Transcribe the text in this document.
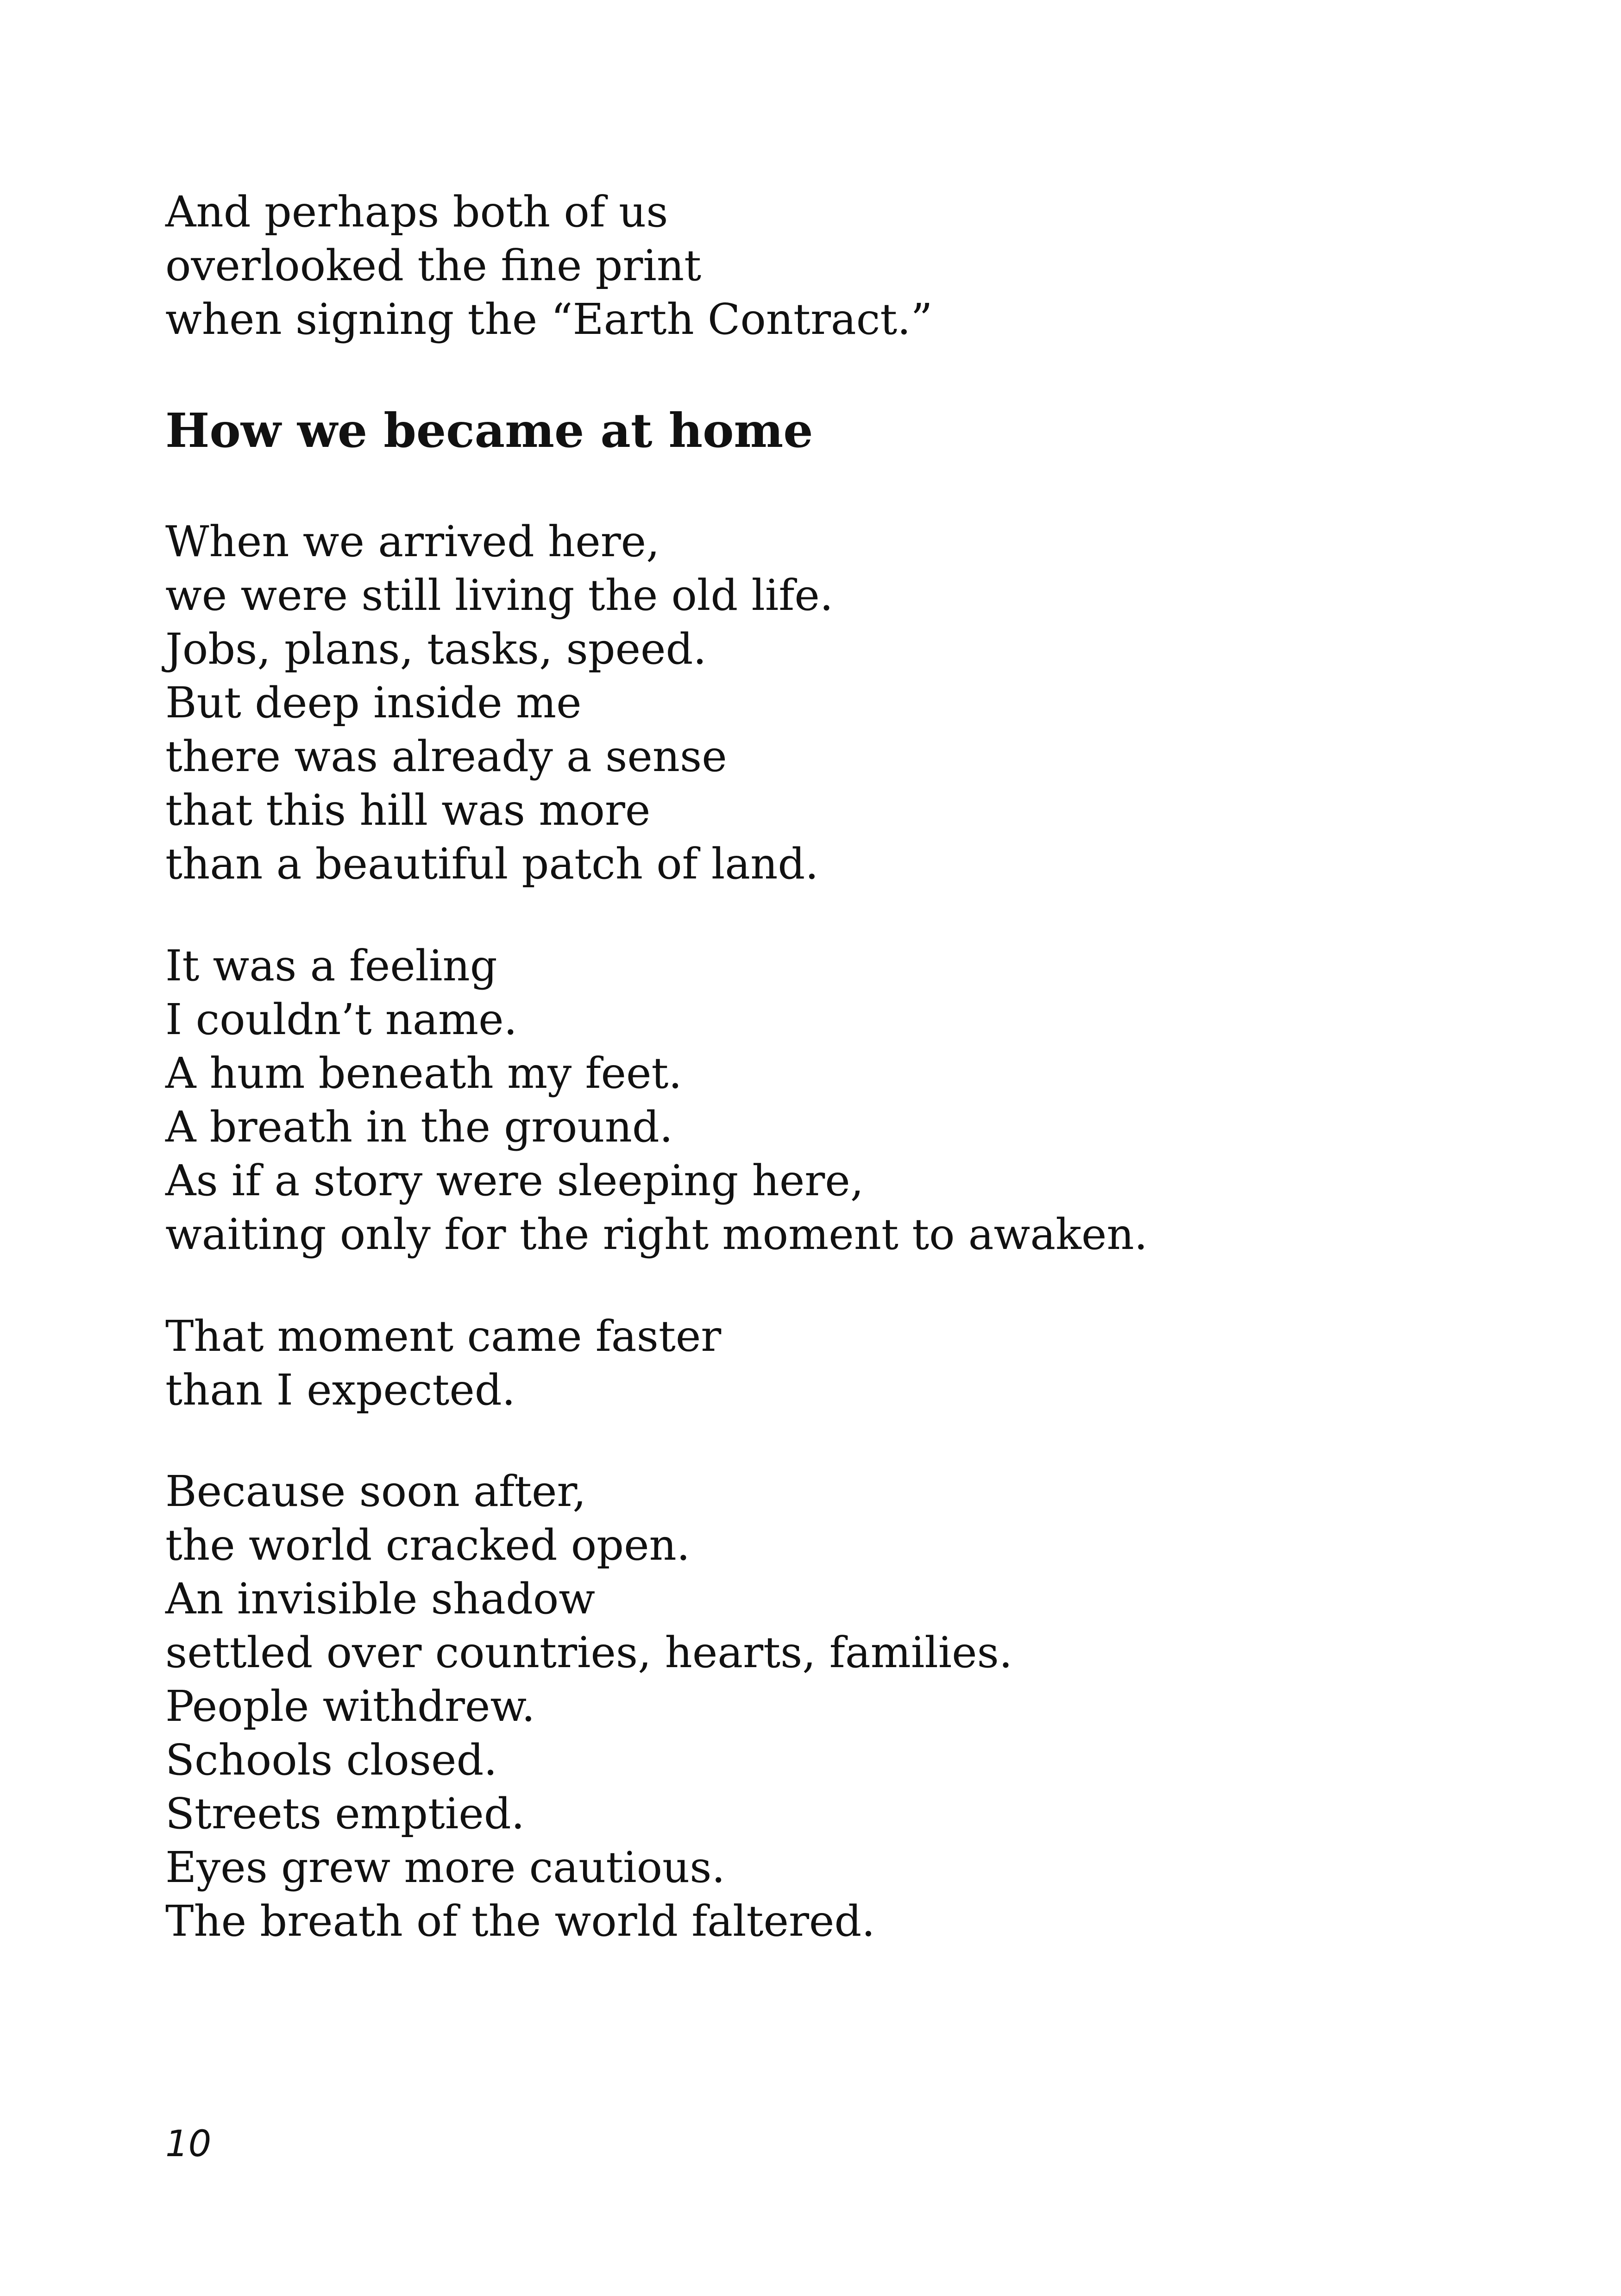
And perhaps both of us
overlooked the fine print
when signing the “Earth Contract.”
How we became at home
When we arrived here,
we were still living the old life.
Jobs, plans, tasks, speed.
But deep inside me
there was already a sense
that this hill was more
than a beautiful patch of land.
It was a feeling
I couldn’t name.
A hum beneath my feet.
A breath in the ground.
As if a story were sleeping here,
waiting only for the right moment to awaken.
That moment came faster
than I expected.
Because soon after,
the world cracked open.
An invisible shadow
settled over countries, hearts, families.
People withdrew.
Schools closed.
Streets emptied.
Eyes grew more cautious.
The breath of the world faltered.
10
